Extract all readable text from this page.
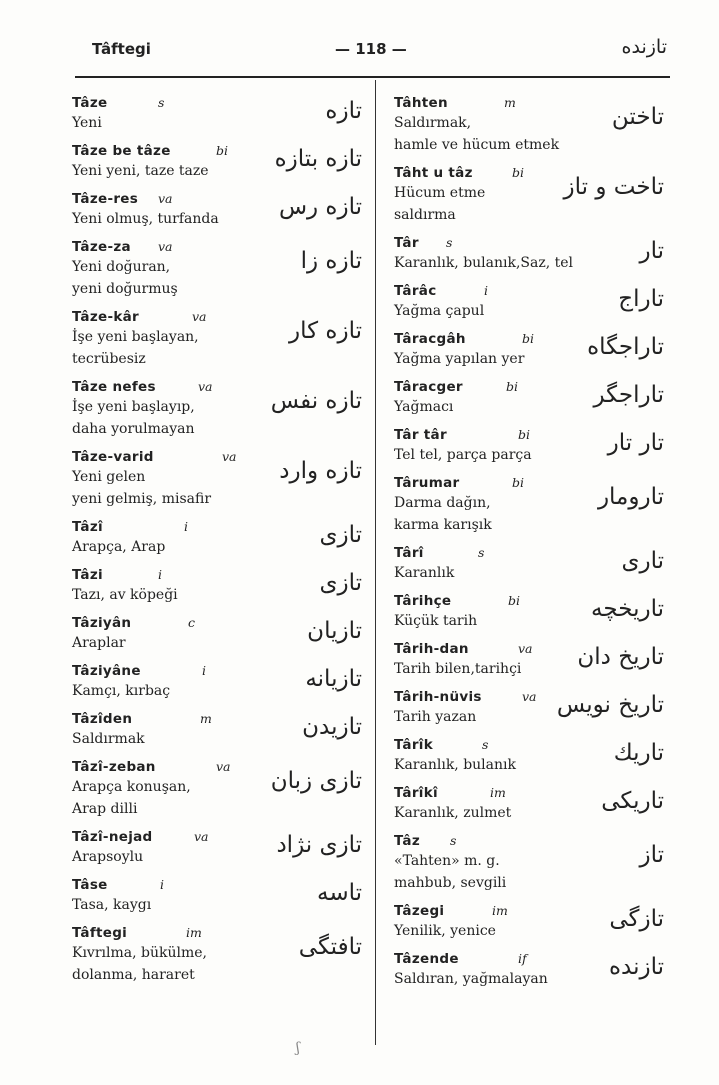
Tâftegi	— 118 —	تازنده
Tâze	s
Yeni	تازه
Tâze be tâze	bi
Yeni yeni, taze taze	تازه بتازه
Tâze-res	va
Yeni olmuş, turfanda	تازه رس
Tâze-za	va
Yeni doğuran,
yeni doğurmuş
تازه زا
Tâze-kâr	va
İşe yeni başlayan,
tecrübesiz
تازه كار
Tâze nefes	va
İşe yeni başlayıp,
daha yorulmayan
تازه نفس
Tâze-varid	va
Yeni gelen
yeni gelmiş, misafir
تازه وارد
Tâzî	i
Arapça, Arap	تازى
Tâzi	i
Tazı, av köpeği	تازى
Tâziyân	c
Araplar	تازيان
Tâziyâne	i
Kamçı, kırbaç	تازيانه
Tâzîden	m
Saldırmak	تازيدن
Tâzî-zeban	va
Arapça konuşan,
Arap dilli
تازى زبان
Tâzî-nejad	va
Arapsoylu	تازى نژاد
Tâse	i
Tasa, kaygı	تاسه
Tâftegi	im
Kıvrılma, bükülme,
dolanma, hararet
تافتگى
Tâhten	m
Saldırmak,
hamle ve hücum etmek
تاختن
Tâht u tâz	bi
Hücum etme
saldırma
تاخت و تاز
Târ	s
Karanlık, bulanık,Saz, tel	تار
Târâc	i
Yağma çapul	تاراج
Târacgâh	bi
Yağma yapılan yer	تاراجگاه
Târacger	bi
Yağmacı	تاراجگر
Târ târ	bi
Tel tel, parça parça	تار تار
Târumar	bi
Darma dağın,
karma karışık
تارومار
Târî	s
Karanlık	تارى
Târihçe	bi
Küçük tarih	تاريخچه
Târih-dan	va
Tarih bilen,tarihçi	تاريخ دان
Târih-nüvis	va
Tarih yazan	تاريخ نويس
Târîk	s
Karanlık, bulanık	تاريك
Târîkî	im
Karanlık, zulmet	تاريكى
Tâz	s
«Tahten» m. g.
mahbub, sevgili
تاز
Tâzegi	im
Yenilik, yenice	تازگى
Tâzende	if
Saldıran, yağmalayan	تازنده
ʃ
